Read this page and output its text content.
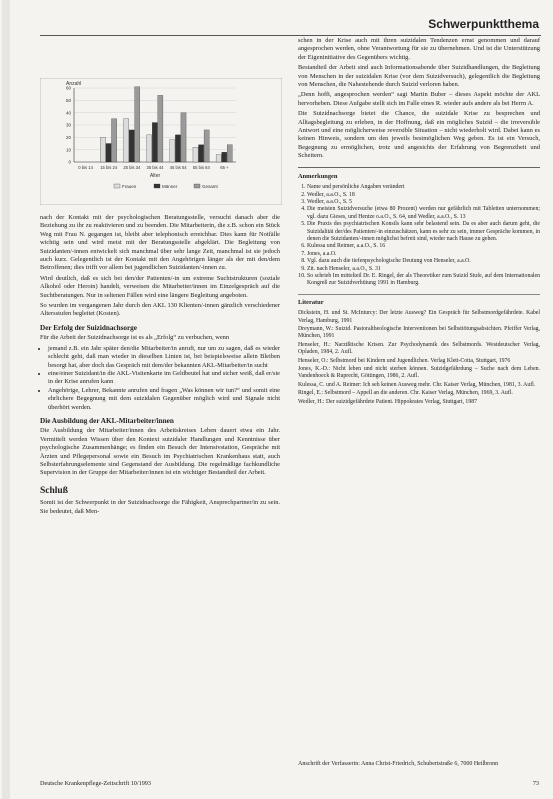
Schwerpunktthema
Anzahl
0
10
20
30
40
50
60
0 bis 14 15 bis 24 25 bis 34 35 bis 44 45 bis 54 55 bis 64	65 +
Alter
Frauen	Männer	Gesamt

nach der Kontakt mit der psychologischen Beratungsstelle, versucht danach aber die Beziehung zu ihr zu reaktivieren und zu beenden. Die Mitarbeiterin, die z.B. schon ein Stück Weg mit Frau N. gegangen ist, bleibt aber telephonisch erreichbar. Dies kann für Notfälle wichtig sein und wird meist mit der Beratungsstelle abgeklärt. Die Begleitung von Suizidanten/-innen entwickelt sich manchmal über sehr lange Zeit, manchmal ist sie jedoch auch kurz. Gelegentlich ist der Kontakt mit den Angehörigen länger als der mit den/dem Betroffenen; dies trifft vor allem bei jugendlichen Suizidanten/-innen zu.

Wird deutlich, daß es sich bei den/der Patienten/-in um extreme Suchtstrukturen (soziale Alkohol oder Heroin) handelt, verweisen die Mitarbeiter/innen im Einzelgespräch auf die Suchtberatungen. Nur in seltenen Fällen wird eine längere Begleitung angeboten.

So wurden im vergangenen Jahr durch den AKL 130 Klienten/-innen gänzlich verschiedener Altersstufen begleitet (Kosten).

Der Erfolg der Suizidnachsorge

Für die Arbeit der Suizidnachsorge ist es als „Erfolg“ zu verbuchen, wenn

• jemand z.B. ein Jahr später den/die Mitarbeiter/in anruft, nur um zu sagen, daß es wieder schlecht geht, daß man wieder in dieselben Linien ist, bei beispielsweise allein Bleiben besorgt hat, aber doch das Gespräch mit dem/der bekannten AKL-Mitarbeiter/in sucht
• eine/einer Suizidant/in die AKL-Visitenkarte im Geldbeutel hat und sicher weiß, daß er/sie in der Krise anrufen kann
• Angehörige, Lehrer, Bekannte anrufen und fragen „Was können wir tun?“ und somit eine ehrlichere Begegnung mit dem suizidalen Gegenüber möglich wird und Signale nicht überhört werden.
Die Ausbildung der AKL-Mitarbeiter/innen

Die Ausbildung der Mitarbeiter/innen des Arbeitskreises Leben dauert etwa ein Jahr. Vermittelt werden Wissen über den Kontext suizidaler Handlungen und Kenntnisse über psychologische Zusammenhänge; es finden ein Besuch der Intensivstation, Gespräche mit Ärzten und Pflegepersonal sowie ein Besuch im Psychiatrischen Krankenhaus statt, auch Selbsterfahrungselemente sind Gegenstand der Ausbildung. Die regelmäßige fachkundliche Supervision in der Gruppe der Mitarbeiter/innen ist ein wichtiger Bestandteil der Arbeit.

Schluß

Somit ist der Schwerpunkt in der Suizidnachsorge die Fähigkeit, Ansprechpartner/in zu sein. Sie bedeutet, daß Men-

schen in der Krise auch mit ihren suizidalen Tendenzen ernst genommen und darauf angesprochen werden, ohne Verantwortung für sie zu übernehmen. Und ist die Unterstützung der Eigeninitiative des Gegenübers wichtig.

Bestandteil der Arbeit sind auch Informationsabende über Suizidhandlungen, die Begleitung von Menschen in der suizidalen Krise (vor dem Suizidversuch), gelegentlich die Begleitung von Menschen, die Nahestehende durch Suizid verloren haben.

„Denn hofft, angesprochen werden“ sagt Martin Buber – dieses Aspekt möchte der AKL hervorheben. Diese Aufgabe stellt sich im Falle eines R. wieder aufs andere als bei Herrn A.

Die Suizidnachsorge bietet die Chance, die suizidale Krise zu besprechen und Alltagsbegleitung zu erleben, in der Hoffnung, daß ein mögliches Suizid – die irreversible Antwort und eine möglicherweise reversible Situation – nicht wiederholt wird. Dabei kann es keinen Hinweis, sondern um den jeweils bestmöglichen Weg geben. Es ist ein Versuch, Begegnung zu ermöglichen, trotz und angesichts der Erfahrung von Begrenztheit und Scheitern.

Anmerkungen
1. Name und persönliche Angaben verändert
2. Wedler, a.a.O., S. 18
3. Wedler, a.a.O., S. 5
4. Die meisten Suizidversuche (etwa 80 Prozent) werden nur gefährlich mit Tabletten unternommen; vgl. dazu Gieses, und Hentze o.a.O., S. 64, und Wedler, a.a.O., S. 13
5. Die Praxis des psychiatrischen Konsils kann sehr belastend sein. Da es aber auch darum geht, die Suizidalität der/des Patienten/-in einzuschätzen, kann es sehr zu sein, immer Gespräche kommen, in denen die Suizidanten/-innen möglichst befreit sind, wieder nach Hause zu gehen.
6. Kulessa und Reimer, a.a.O., S. 16
7. Jones, a.a.O.
8. Vgl. dazu auch die tiefenpsychologische Deutung von Henseler, a.a.O.
9. Zit. nach Henseler, a.a.O., S. 31
10. So schrieb Im mittelteil Dr. E. Ringel, der als Theoretiker zum Suizid Stufe, auf dem Internationalen Kongreß zur Suizidverhütung 1991 in Hamburg.
Literatur
Dickstein, H. und St. McInturcy: Der letzte Ausweg? Ein Gespräch für Selbstmordgefährdete. Kabel Verlag, Hamburg, 1991
Dreymann, W.: Suizid. Pastoraltheologische Interventionen bei Selbsttötungsabsichten. Pfeiffer Verlag, München, 1991
Henseler, H.: Narzißtische Krisen. Zur Psychodynamik des Selbstmords. Westdeutscher Verlag, Opladen, 1984, 2. Aufl.
Henseler, O.: Selbstmord bei Kindern und Jugendlichen. Verlag Klett-Cotta, Stuttgart, 1976
Jones, K.-D.: Nicht leben und nicht sterben können. Suizidgefährdung – Suche nach dem Leben. Vandenhoeck & Ruprecht, Göttingen, 1986, 2. Aufl.
Kulessa, C. und A. Reimer: Ich seh keinen Ausweg mehr. Chr. Kaiser Verlag, München, 1981, 3. Aufl.
Ringel, E.: Selbstmord – Appell an die anderen. Chr. Kaiser Verlag, München, 1969, 3. Aufl.
Wedler, H.: Der suizidgefährdete Patient. Hippokrates Verlag, Stuttgart, 1987
Anschrift der Verfasserin: Anna Christ-Friedrich, Schubertstraße 6, 7000 Heilbronn
Deutsche Krankenpflege-Zeitschrift 10/1993	73
